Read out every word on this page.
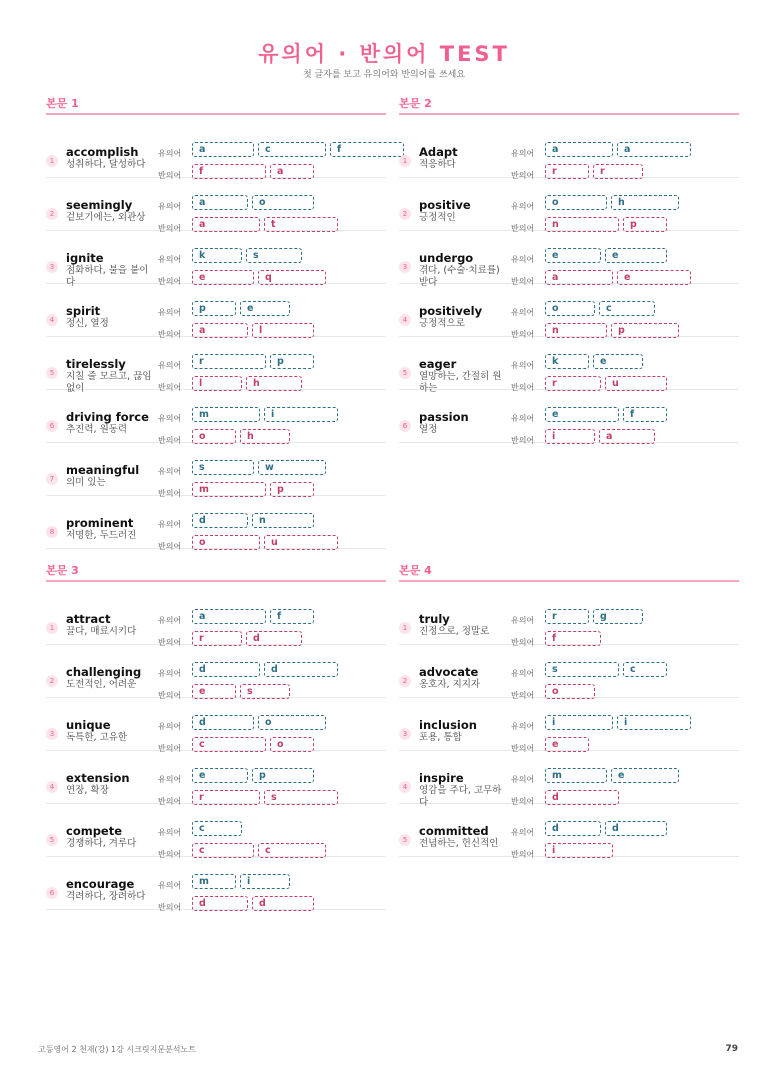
유의어 · 반의어 TEST
첫 글자를 보고 유의어와 반의어를 쓰세요
본문 1
1
accomplish
성취하다, 달성하다
유의어	a	c	f
반의어	f	a
2
seemingly
겉보기에는, 외관상
유의어	a	o
반의어	a	t
3
ignite
점화하다, 불을 붙이다
유의어	k	s
반의어	e	q
4
spirit
정신, 열정
유의어	p	e
반의어	a	l
5
tirelessly
지칠 줄 모르고, 끊임없이
유의어	r	p
반의어	l	h
6
driving force
추진력, 원동력
유의어	m	i
반의어	o	h
7
meaningful
의미 있는
유의어	s	w
반의어	m	p
8
prominent
저명한, 두드러진
유의어	d	n
반의어	o	u
본문 2
1
Adapt
적응하다
유의어	a	a
반의어	r	r
2
positive
긍정적인
유의어	o	h
반의어	n	p
3
undergo
겪다, (수술·치료를) 받다
유의어	e	e
반의어	a	e
4
positively
긍정적으로
유의어	o	c
반의어	n	p
5
eager
열망하는, 간절히 원하는
유의어	k	e
반의어	r	u
6
passion
열정
유의어	e	f
반의어	i	a
본문 3
1
attract
끌다, 매료시키다
유의어	a	f
반의어	r	d
2
challenging
도전적인, 어려운
유의어	d	d
반의어	e	s
3
unique
독특한, 고유한
유의어	d	o
반의어	c	o
4
extension
연장, 확장
유의어	e	p
반의어	r	s
5
compete
경쟁하다, 겨루다
유의어	c
반의어	c	c
6
encourage
격려하다, 장려하다
유의어	m	i
반의어	d	d
본문 4
1
truly
진정으로, 정말로
유의어	r	g
반의어	f
2
advocate
옹호자, 지지자
유의어	s	c
반의어	o
3
inclusion
포용, 통합
유의어	i	i
반의어	e
4
inspire
영감을 주다, 고무하다
유의어	m	e
반의어	d
5
committed
전념하는, 헌신적인
유의어	d	d
반의어	i
고등영어 2 천재(강) 1강 시크릿지문분석노트	79
